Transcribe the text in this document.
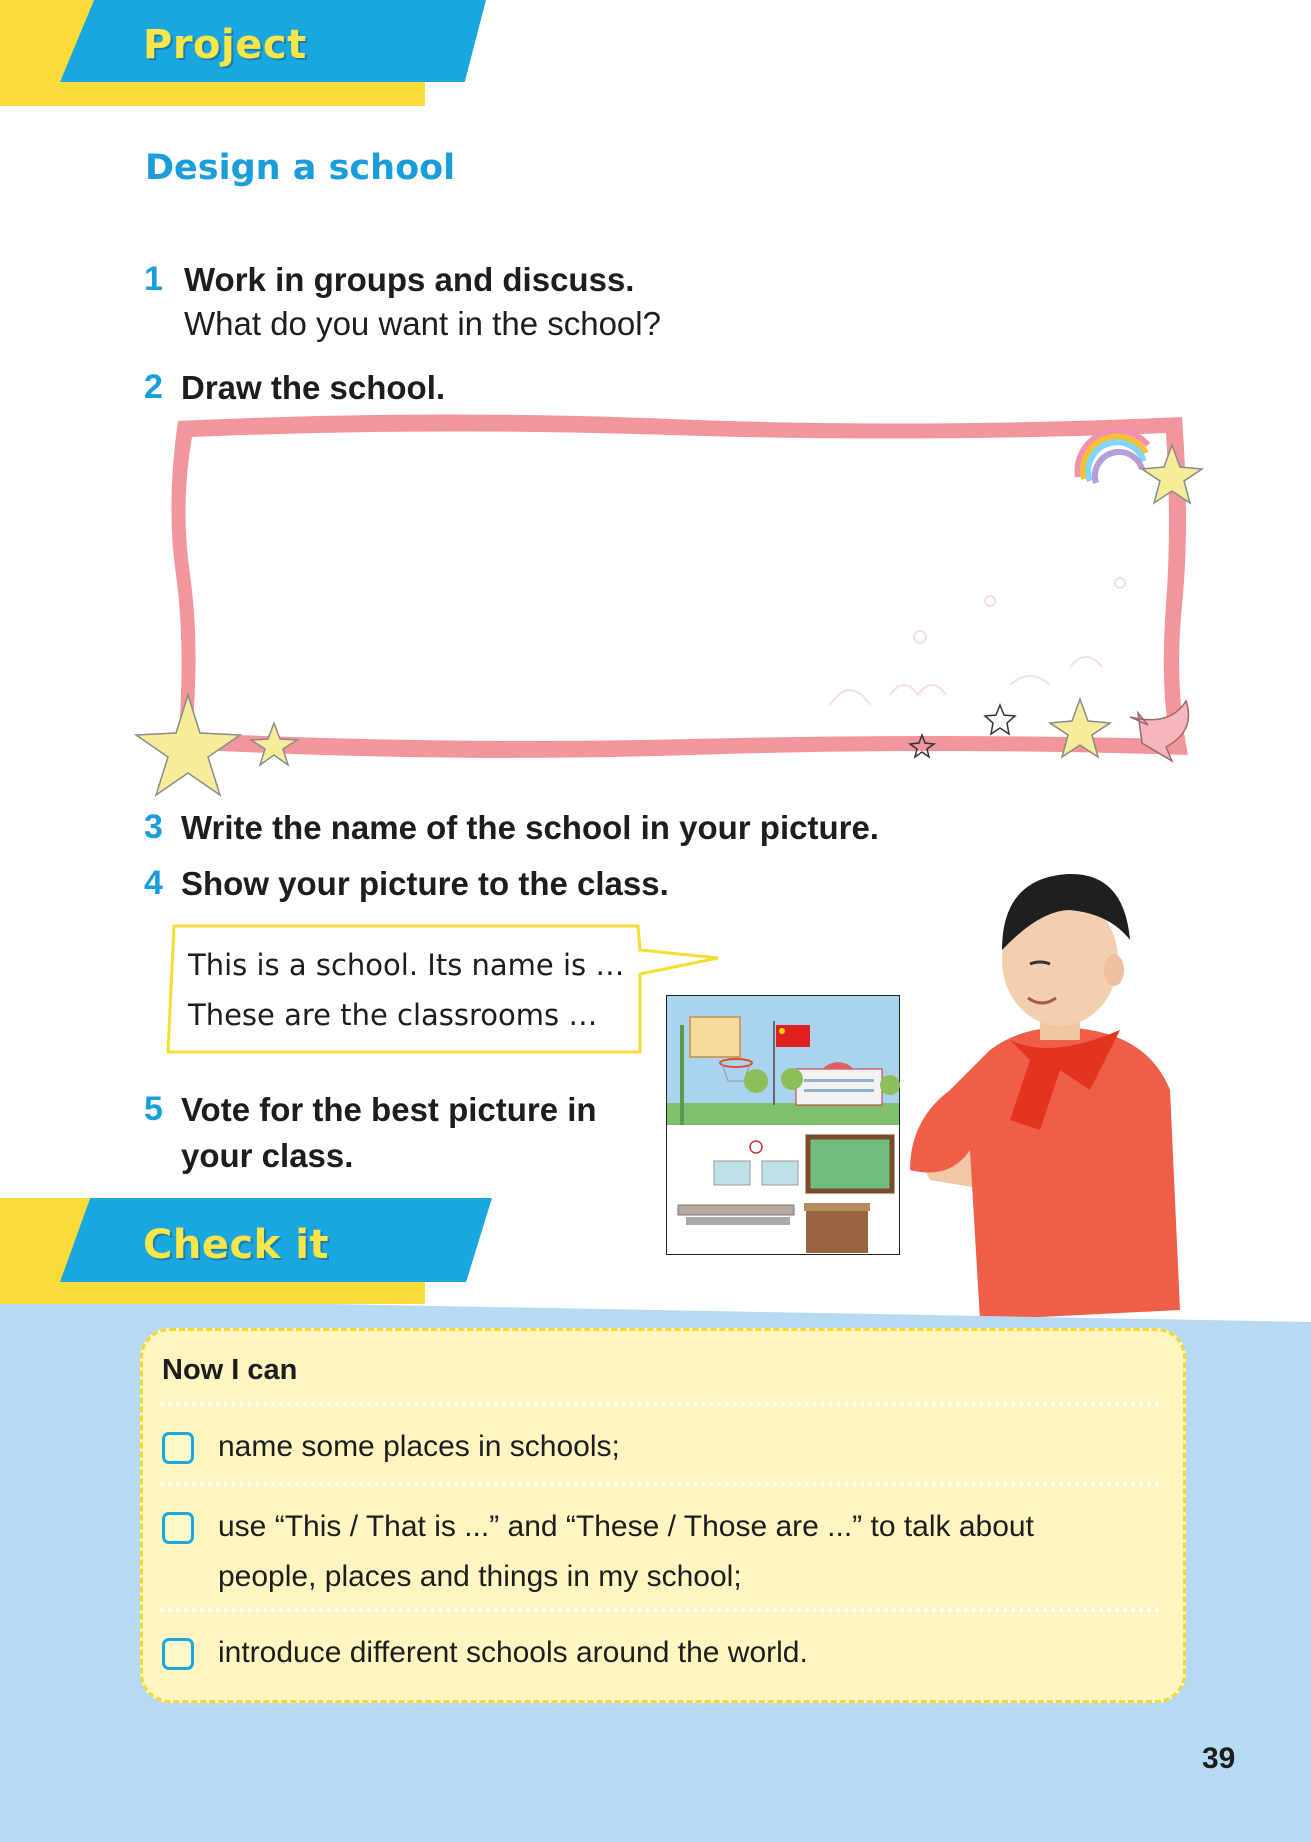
Project
Design a school
1 Work in groups and discuss.
What do you want in the school?
2 Draw the school.
3 Write the name of the school in your picture.
4 Show your picture to the class.
This is a school. Its name is …
These are the classrooms …
5 Vote for the best picture in
your class.
Check it
Now I can
name some places in schools;
use “This / That is ...” and “These / Those are ...” to talk about
people, places and things in my school;
introduce different schools around the world.
39
